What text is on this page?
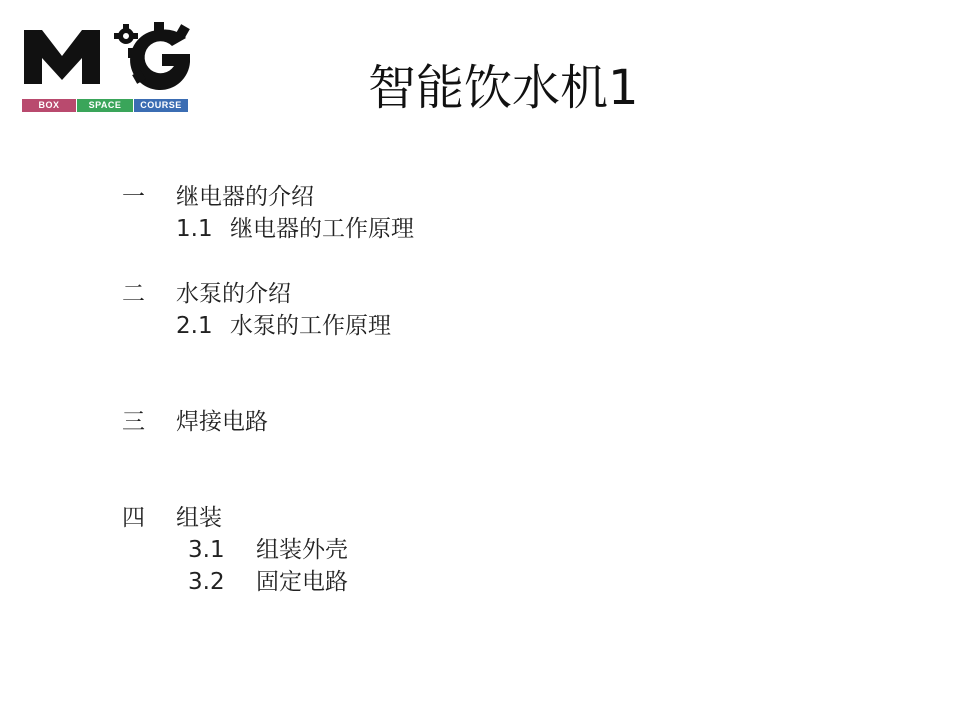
BOX	SPACE	COURSE	智能饮水机1
一 继电器的介绍
1.1 继电器的工作原理
二 水泵的介绍
2.1 水泵的工作原理
三 焊接电路
四 组装
3.1 组装外壳
3.2 固定电路
